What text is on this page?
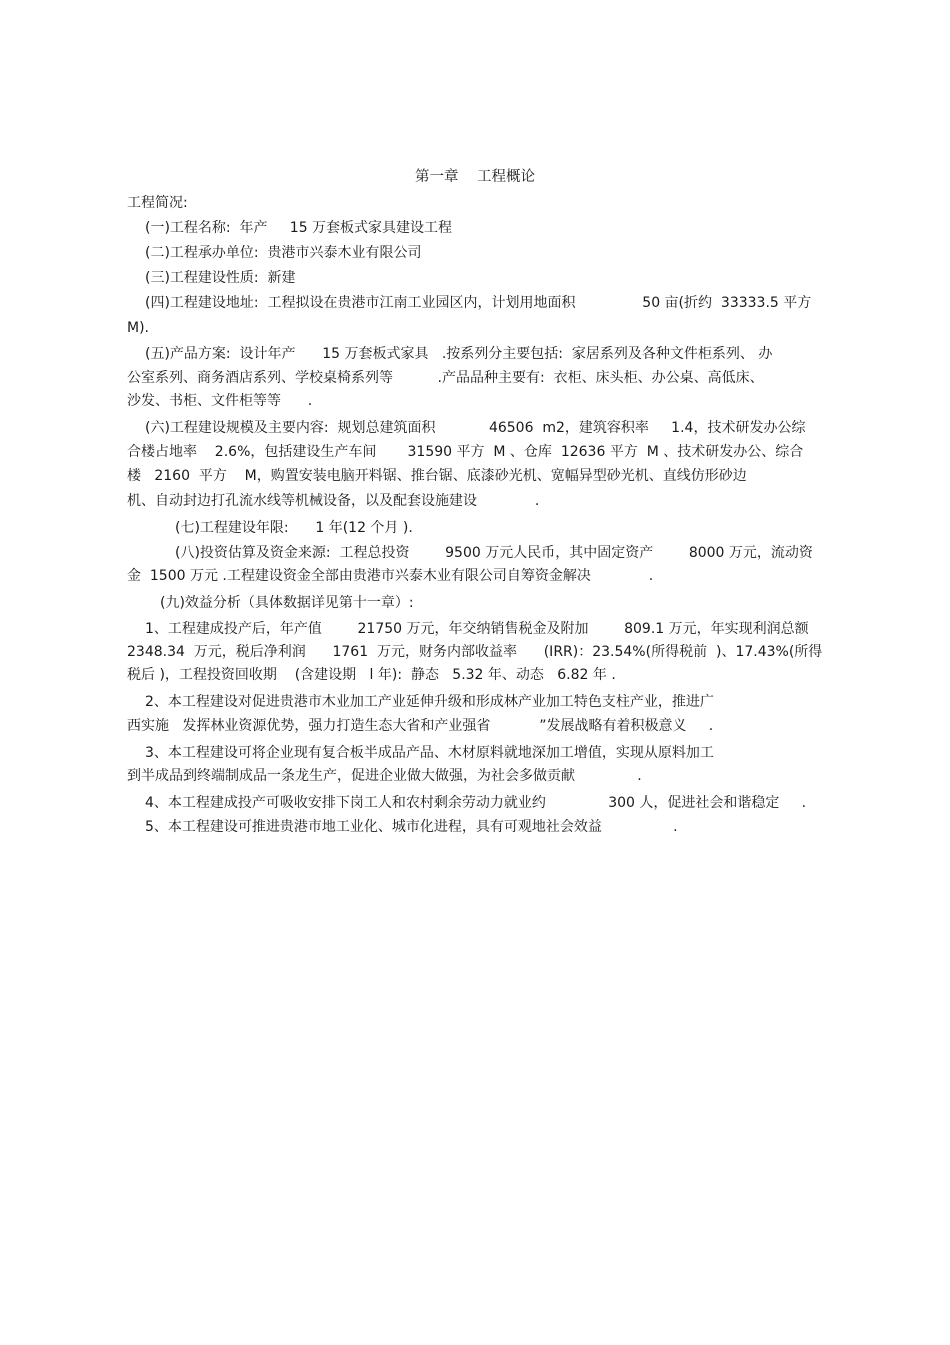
第一章    工程概论
工程简况:
(一)工程名称:  年产     15 万套板式家具建设工程
(二)工程承办单位:  贵港市兴泰木业有限公司
(三)工程建设性质:  新建
(四)工程建设地址:  工程拟设在贵港市江南工业园区内，计划用地面积               50 亩(折约  33333.5 平方
M).
(五)产品方案:  设计年产      15 万套板式家具   .按系列分主要包括:  家居系列及各种文件柜系列、 办
公室系列、商务酒店系列、学校桌椅系列等          .产品品种主要有:  衣柜、床头柜、办公桌、高低床、
沙发、书柜、文件柜等等      .
(六)工程建设规模及主要内容:  规划总建筑面积            46506  m2，建筑容积率     1.4，技术研发办公综
合楼占地率    2.6%，包括建设生产车间       31590 平方  M 、仓库  12636 平方  M 、技术研发办公、综合
楼   2160  平方    M，购置安装电脑开料锯、推台锯、底漆砂光机、宽幅异型砂光机、直线仿形砂边
机、自动封边打孔流水线等机械设备，以及配套设施建设             .
(七)工程建设年限:      1 年(12 个月 ).
(八)投资估算及资金来源:  工程总投资        9500 万元人民币，其中固定资产        8000 万元，流动资
金  1500 万元 .工程建设资金全部由贵港市兴泰木业有限公司自筹资金解决             .
(九)效益分析（具体数据详见第十一章）:
1、工程建成投产后，年产值        21750 万元，年交纳销售税金及附加        809.1 万元，年实现利润总额
2348.34  万元，税后净利润      1761  万元，财务内部收益率      (IRR)：23.54%(所得税前  )、17.43%(所得
税后 )，工程投资回收期    (含建设期   l 年):  静态   5.32 年、动态   6.82 年 .
2、本工程建设对促进贵港市木业加工产业延伸升级和形成林产业加工特色支柱产业，推进广
西实施   发挥林业资源优势，强力打造生态大省和产业强省           ”发展战略有着积极意义     .
3、本工程建设可将企业现有复合板半成品产品、木材原料就地深加工增值，实现从原料加工
到半成品到终端制成品一条龙生产，促进企业做大做强，为社会多做贡献              .
4、本工程建成投产可吸收安排下岗工人和农村剩余劳动力就业约              300 人，促进社会和谐稳定     .
5、本工程建设可推进贵港市地工业化、城市化进程，具有可观地社会效益                .
